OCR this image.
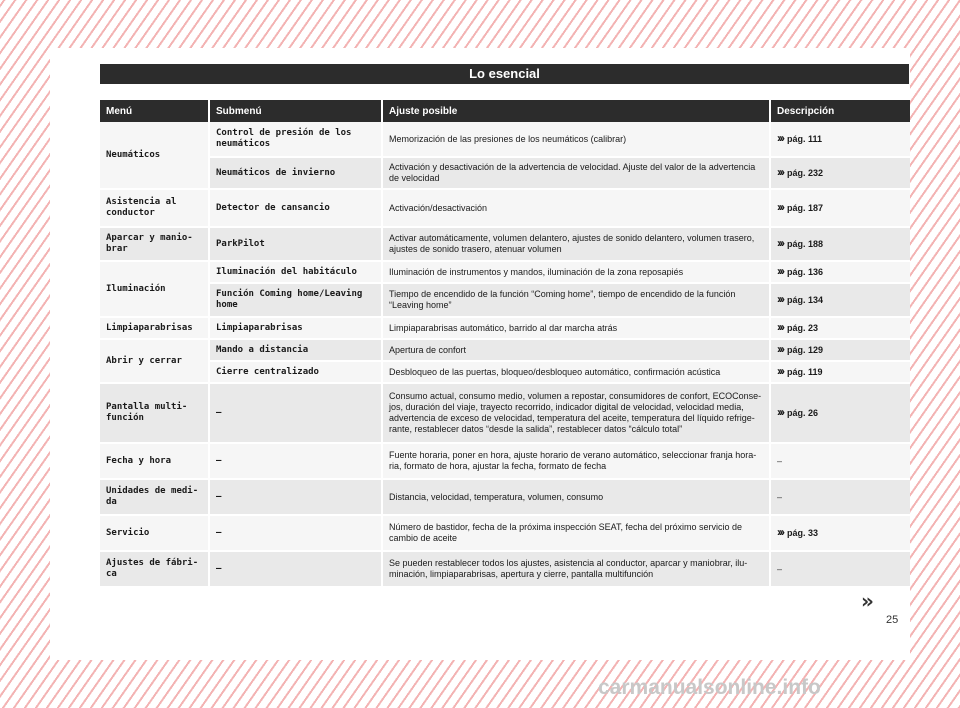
Lo esencial
Menú	Submenú	Ajuste posible	Descripción
Neumáticos	Control de presión de los neumáticos	Memorización de las presiones de los neumáticos (calibrar)	››› pág. 111
	Neumáticos de invierno	Activación y desactivación de la advertencia de velocidad. Ajuste del valor de la advertencia de velocidad	››› pág. 232
Asistencia al conductor	Detector de cansancio	Activación/desactivación	››› pág. 187
Aparcar y manio-brar	ParkPilot	Activar automáticamente, volumen delantero, ajustes de sonido delantero, volumen trasero, ajustes de sonido trasero, atenuar volumen	››› pág. 188
Iluminación	Iluminación del habitáculo	Iluminación de instrumentos y mandos, iluminación de la zona reposapiés	››› pág. 136
	Función Coming home/Leaving home	Tiempo de encendido de la función “Coming home”, tiempo de encendido de la función “Leaving home”	››› pág. 134
Limpiaparabrisas	Limpiaparabrisas	Limpiaparabrisas automático, barrido al dar marcha atrás	››› pág. 23
Abrir y cerrar	Mando a distancia	Apertura de confort	››› pág. 129
	Cierre centralizado	Desbloqueo de las puertas, bloqueo/desbloqueo automático, confirmación acústica	››› pág. 119
Pantalla multi-función	–	Consumo actual, consumo medio, volumen a repostar, consumidores de confort, ECOConse-jos, duración del viaje, trayecto recorrido, indicador digital de velocidad, velocidad media, advertencia de exceso de velocidad, temperatura del aceite, temperatura del líquido refrige-rante, restablecer datos “desde la salida”, restablecer datos “cálculo total”	››› pág. 26
Fecha y hora	–	Fuente horaria, poner en hora, ajuste horario de verano automático, seleccionar franja hora-ria, formato de hora, ajustar la fecha, formato de fecha	–
Unidades de medi-da	–	Distancia, velocidad, temperatura, volumen, consumo	–
Servicio	–	Número de bastidor, fecha de la próxima inspección SEAT, fecha del próximo servicio de cambio de aceite	››› pág. 33
Ajustes de fábri-ca	–	Se pueden restablecer todos los ajustes, asistencia al conductor, aparcar y maniobrar, ilu-minación, limpiaparabrisas, apertura y cierre, pantalla multifunción	–
»
25
carmanualsonline.info
